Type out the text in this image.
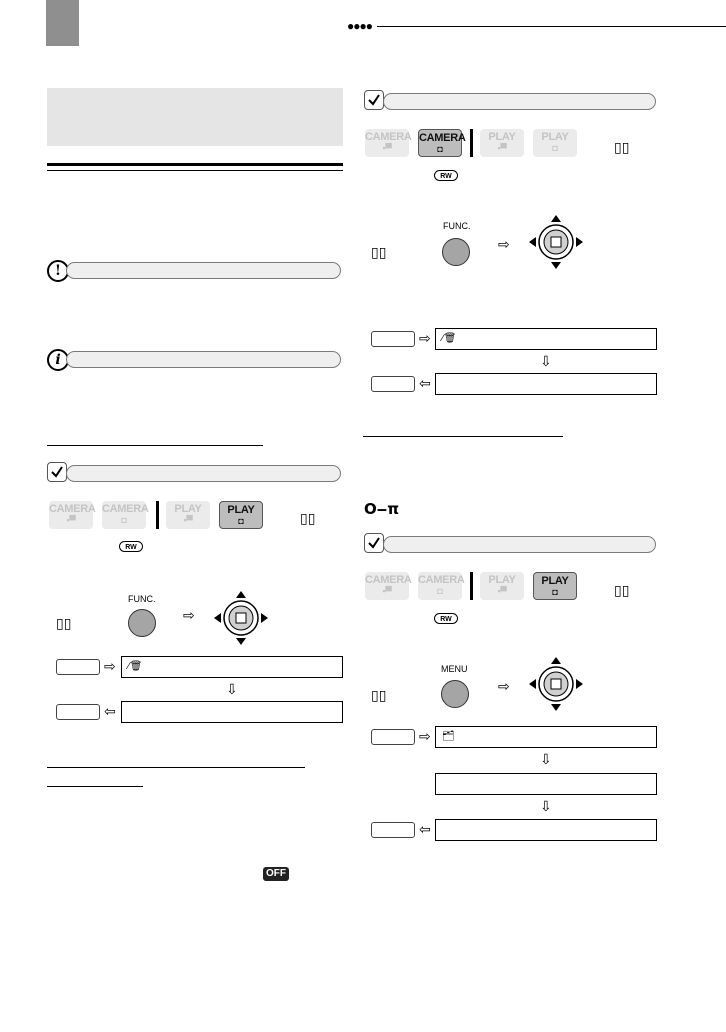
●●●●
!
i
CAMERA
▪▀
CAMERA
◘
PLAY
▪▀
PLAY
◘	▯▯
RW
▯▯
FUNC.
⇨
⇨	⁄🗑
⇩
⇦
OFF
CAMERA
▪▀
CAMERA
◘
PLAY
▪▀
PLAY
◘	▯▯
RW
▯▯
FUNC.
⇨
⇨	⁄🗑
⇩
⇦
O‒π
CAMERA
▪▀
CAMERA
◘
PLAY
▪▀
PLAY
◘	▯▯
RW
▯▯
MENU
⇨
⇨	🗂
⇩
⇩
⇦
